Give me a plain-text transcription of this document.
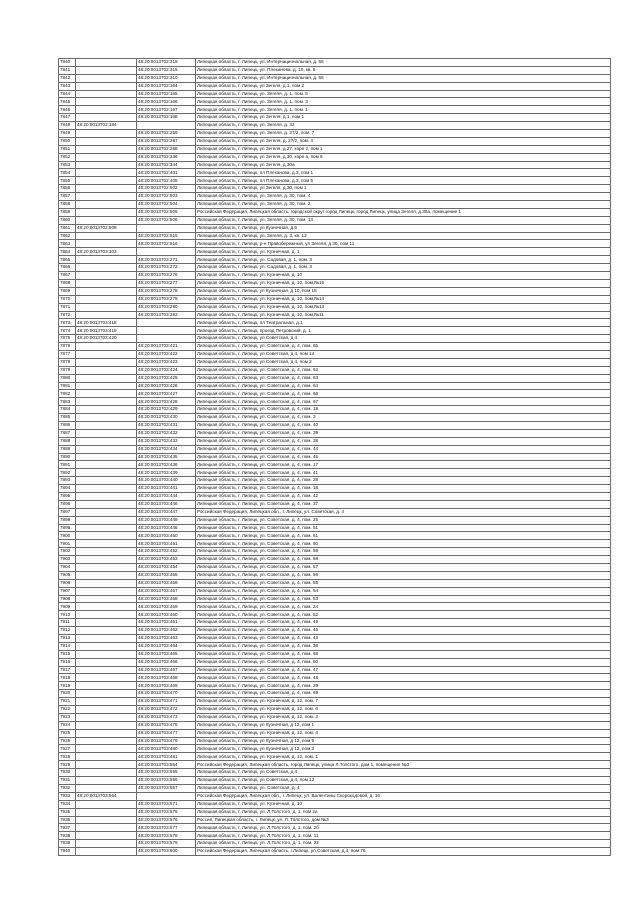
7840		48:20:0013702:318	Липецкая область, г. Липецк, ул. Интернациональная, д. 56
7841		48:20:0013702:315	Липецкая область, г. Липецк, ул. Плеханова, д. 10, кв. 5
7842		48:20:0013702:310	Липецкая область, г. Липецк, ул. Интернациональная, д. 56
7843		48:20:0013702:164	Липецкая область, г. Липецк, ул Зегеля, д.1, пом 2
7844		48:20:0013702:165	Липецкая область, г. Липецк, ул. Зегеля, д. 1, пом. 5
7845		48:20:0013702:166	Липецкая область, г. Липецк, ул. Зегеля, д. 1, пом. 3
7846		48:20:0013702:167	Липецкая область, г. Липецк, ул. Зегеля, д. 1, пом. 1
7847		48:20:0013702:168	Липецкая область, г. Липецк, ул Зегеля, д.1, пом 1
7848	48:20:0013702:184		Липецкая область, г. Липецк, ул. Зегеля, д. 32
7849		48:20:0013702:259	Липецкая область, г. Липецк, ул. Зегеля, д. 27/2, пом. 7
7850		48:20:0013702:287	Липецкая область, г. Липецк, ул Зегеля, д. 27/2, пом. 4
7851		48:20:0013702:288	Липецкая область, г. Липецк, ул Зегеля, д.27, корп 2, пом 1
7852		48:20:0013702:336	Липецкая область, г. Липецк, ул Зегеля, д.30, корп а, пом 6
7853		48:20:0013702:344	Липецкая область, г. Липецк, ул Зегеля, д.30а
7854		48:20:0013702:401	Липецкая область, г. Липецк, пл Плеханова, д.3, пом 1
7855		48:20:0013702:405	Липецкая область, г. Липецк, пл Плеханова, д.3, пом 5
7856		48:20:0013702:502	Липецкая область, г. Липецк, ул Зегеля, д.30, пом 1
7857		48:20:0013702:503	Липецкая область, г. Липецк, ул. Зегеля, д. 30, пом. 4
7858		48:20:0013702:504	Липецкая область, г. Липецк, ул. Зегеля, д. 30, пом. 2
7859		48:20:0013702:505	Российская Федерация, Липецкая область, городской округ город Липецк, город Липецк, улица Зегеля, д.30а, помещение 1
7860		48:20:0013702:506	Липецкая область, г. Липецк, ул. Зегеля, д. 30, пом. 13
7861	48:20:0013702:508		Липецкая область, г. Липецк, ул Кузнечная, д.6
7862		48:20:0013702:515	Липецкая область, г. Липецк, ул. Зегеля, д. 3, кв. 12
7863		48:20:0013702:516	Липецкая область, г. Липецк, р-н Правобережный, ул Зегеля, д.30, пом 11
7864	48:20:0013703:103		Липецкая область, г. Липецк, ул. Кузнечная, д. 1
7865		48:20:0013703:271	Липецкая область, г. Липецк, ул. Садовая, д. 1, пом. 3
7866		48:20:0013703:272	Липецкая область, г. Липецк, ул. Садовая, д. 1, пом. 3
7867		48:20:0013703:276	Липецкая область, г. Липецк, ул. Кузнечная, д. 10
7868		48:20:0013703:277	Липецкая область, г. Липецк, ул. Кузнечная, д. 10, пом.№16
7869		48:20:0013703:278	Липецкая область, г. Липецк, ул Кузнечная, д 10, пом 15
7870		48:20:0013703:279	Липецкая область, г. Липецк, ул. Кузнечная, д. 10, пом.№14
7871		48:20:0013703:280	Липецкая область, г. Липецк, ул. Кузнечная, д. 10, пом.№13
7872		48:20:0013703:282	Липецкая область, г. Липецк, ул. Кузнечная, д. 10, пом.№11
7873	48:20:0013703:418		Липецкая область, г. Липецк, пл Театральная, д.1
7874	48:20:0013703:419		Липецкая область, г. Липецк, проезд Петровский, д. 1
7875	48:20:0013703:420		Липецкая область, г. Липецк, ул Советская, д 4
7876		48:20:0013703:421	Липецкая область, г. Липецк, ул. Советская, д. 4, пом. 65
7877		48:20:0013703:422	Липецкая область, г. Липецк, ул Советская, д 4, пом 14
7878		48:20:0013703:423	Липецкая область, г. Липецк, ул Советская, д 4, пом 2
7879		48:20:0013703:424	Липецкая область, г. Липецк, ул. Советская, д. 4, пом. 62
7880		48:20:0013703:425	Липецкая область, г. Липецк, ул. Советская, д. 4, пом. 63
7881		48:20:0013703:426	Липецкая область, г. Липецк, ул. Советская, д. 4, пом. 64
7882		48:20:0013703:427	Липецкая область, г. Липецк, ул. Советская, д. 4, пом. 66
7883		48:20:0013703:428	Липецкая область, г. Липецк, ул. Советская, д. 4, пом. 67
7884		48:20:0013703:429	Липецкая область, г. Липецк, ул. Советская, д. 4, пом. 19
7885		48:20:0013703:430	Липецкая область, г. Липецк, ул. Советская, д. 4, пом. 3
7886		48:20:0013703:431	Липецкая область, г. Липецк, ул. Советская, д. 4, пом. 40
7887		48:20:0013703:432	Липецкая область, г. Липецк, ул. Советская, д. 4, пом. 39
7888		48:20:0013703:433	Липецкая область, г. Липецк, ул. Советская, д. 4, пом. 38
7889		48:20:0013703:434	Липецкая область, г. Липецк, ул. Советская, д. 4, пом. 44
7890		48:20:0013703:435	Липецкая область, г. Липецк, ул. Советская, д. 4, пом. 45
7891		48:20:0013703:436	Липецкая область, г. Липецк, ул. Советская, д. 4, пом. 17
7892		48:20:0013703:439	Липецкая область, г. Липецк, ул. Советская, д. 4, пом. 41
7893		48:20:0013703:440	Липецкая область, г. Липецк, ул. Советская, д. 4, пом. 28
7894		48:20:0013703:441	Липецкая область, г. Липецк, ул. Советская, д. 4, пом. 18
7895		48:20:0013703:444	Липецкая область, г. Липецк, ул. Советская, д. 4, пом. 42
7896		48:20:0013703:446	Липецкая область, г. Липецк, ул. Советская, д. 4, пом. 37
7897		48:20:0013703:447	Российская Федерация, Липецкая обл., г. Липецк, ул. Советская, д. 4
7898		48:20:0013703:449	Липецкая область, г. Липецк, ул. Советская, д. 4, пом. 25
7899		48:20:0013703:448	Липецкая область, г. Липецк, ул. Советская, д. 4, пом. 51
7900		48:20:0013703:450	Липецкая область, г. Липецк, ул. Советская, д. 4, пом. 61
7901		48:20:0013703:451	Липецкая область, г. Липецк, ул. Советская, д. 4, пом. 60
7902		48:20:0013703:452	Липецкая область, г. Липецк, ул. Советская, д. 4, пом. 59
7903		48:20:0013703:453	Липецкая область, г. Липецк, ул. Советская, д. 4, пом. 58
7904		48:20:0013703:454	Липецкая область, г. Липецк, ул. Советская, д. 4, пом. 57
7905		48:20:0013703:455	Липецкая область, г. Липецк, ул. Советская, д. 4, пом. 56
7906		48:20:0013703:456	Липецкая область, г. Липецк, ул. Советская, д. 4, пом. 55
7907		48:20:0013703:457	Липецкая область, г. Липецк, ул. Советская, д. 4, пом. 54
7908		48:20:0013703:458	Липецкая область, г. Липецк, ул. Советская, д. 4, пом. 53
7909		48:20:0013703:459	Липецкая область, г. Липецк, ул. Советская, д. 4, пом. 24
7910		48:20:0013703:460	Липецкая область, г. Липецк, ул. Советская, д. 4, пом. 52
7911		48:20:0013703:461	Липецкая область, г. Липецк, ул. Советская, д. 4, пом. 49
7912		48:20:0013703:462	Липецкая область, г. Липецк, ул. Советская, д. 4, пом. 46
7913		48:20:0013703:463	Липецкая область, г. Липецк, ул. Советская, д. 4, пом. 43
7914		48:20:0013703:464	Липецкая область, г. Липецк, ул. Советская, д. 4, пом. 36
7915		48:20:0013703:465	Липецкая область, г. Липецк, ул. Советская, д. 4, пом. 68
7916		48:20:0013703:466	Липецкая область, г. Липецк, ул. Советская, д. 4, пом. 50
7917		48:20:0013703:467	Липецкая область, г. Липецк, ул. Советская, д. 4, пом. 47
7918		48:20:0013703:468	Липецкая область, г. Липецк, ул. Советская, д. 4, пом. 48
7919		48:20:0013703:469	Липецкая область, г. Липецк, ул. Советская, д. 4, пом. 29
7920		48:20:0013703:470	Липецкая область, г. Липецк, ул. Советская, д. 4, пом. 69
7921		48:20:0013703:471	Липецкая область, г. Липецк, ул. Кузнечная, д. 12, пом. 7
7922		48:20:0013703:472	Липецкая область, г. Липецк, ул. Кузнечная, д. 12, пом. 6
7923		48:20:0013703:473	Липецкая область, г. Липецк, ул. Кузнечная, д. 12, пом. 2
7924		48:20:0013703:475	Липецкая область, г. Липецк, ул Кузнечная, д 12, пом 1
7925		48:20:0013703:477	Липецкая область, г. Липецк, ул. Кузнечная, д. 12, пом. 4
7926		48:20:0013703:479	Липецкая область, г. Липецк, ул Кузнечная, д 12, пом 5
7927		48:20:0013703:480	Липецкая область, г. Липецк, ул Кузнечная, д 12, пом 3
7928		48:20:0013703:481	Липецкая область, г. Липецк, ул. Кузнечная, д. 12, пом. 1
7929		48:20:0013703:554	Российская Федерация, Липецкая область, город Липецк, улица Л.Толстого, дом 1, помещение №3
7930		48:20:0013703:555	Липецкая область, г. Липецк, ул Советская, д.4
7931		48:20:0013703:556	Липецкая область, г. Липецк, ул Советская, д 4, пом 12
7932		48:20:0013703:557	Липецкая область, г. Липецк, ул. Советская, д. 4
7933	48:20:0013703:564		Российская Федерация, Липецкая обл., г. Липецк, ул. Валентины Скороходовой, д. 16
7934		48:20:0013703:571	Липецкая область, г. Липецк, ул. Кузнечная, д. 10
7935		48:20:0013703:575	Липецкая область, г. Липецк, ул. Л.Толстого, д. 1, пом 2а
7936		48:20:0013703:576	Россия, Липецкая область, г. Липецк, ул. Л. Толстого, дом №3
7937		48:20:0013703:577	Липецкая область, г. Липецк, ул. Л.Толстого, д. 1, пом. 2б
7938		48:20:0013703:578	Липецкая область, г. Липецк, ул. Л.Толстого, д. 1, пом. 11
7939		48:20:0013703:579	Липецкая область, г. Липецк, ул. Л.Толстого, д. 1, пом. 22
7940		48:20:0013703:600	Российская Федерация, Липецкая область, г.Липецк, ул.Советская, д.4, пом 76
